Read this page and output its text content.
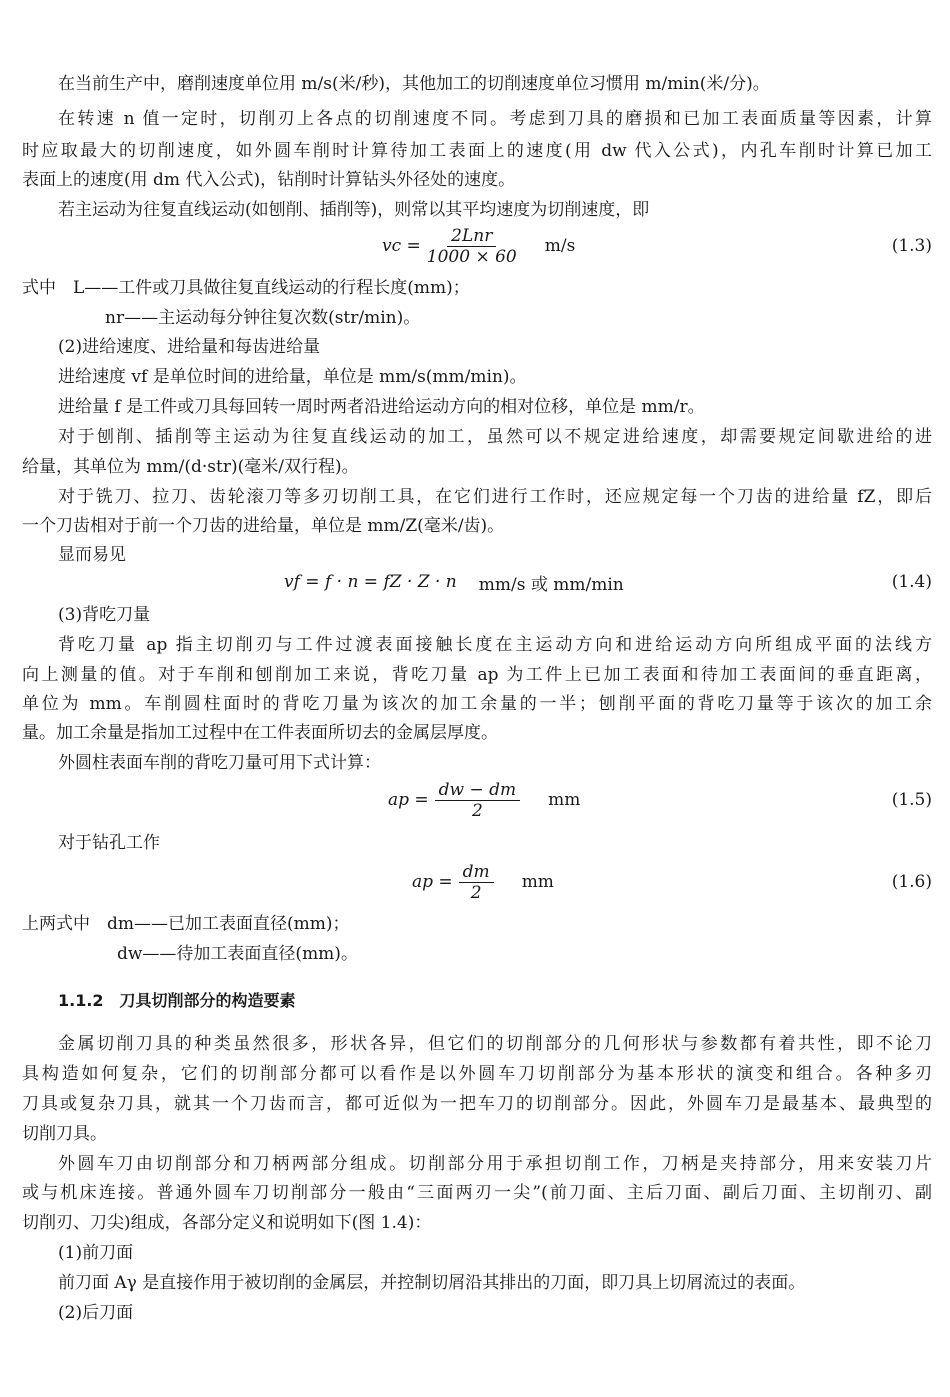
在当前生产中，磨削速度单位用 m/s(米/秒)，其他加工的切削速度单位习惯用 m/min(米/分)。
在转速 n 值一定时，切削刃上各点的切削速度不同。考虑到刀具的磨损和已加工表面质量等因素，计算
时应取最大的切削速度，如外圆车削时计算待加工表面上的速度(用 dw 代入公式)，内孔车削时计算已加工
表面上的速度(用 dm 代入公式)，钻削时计算钻头外径处的速度。
若主运动为往复直线运动(如刨削、插削等)，则常以其平均速度为切削速度，即
vc = $\frac{\text{2Lnr}}{1000 \times 60} m/s$	(1.3)
式中　L——工件或刀具做往复直线运动的行程长度(mm)；
nr——主运动每分钟往复次数(str/min)。
(2)进给速度、进给量和每齿进给量
进给速度 vf 是单位时间的进给量，单位是 mm/s(mm/min)。
进给量 f 是工件或刀具每回转一周时两者沿进给运动方向的相对位移，单位是 mm/r。
对于刨削、插削等主运动为往复直线运动的加工，虽然可以不规定进给速度，却需要规定间歇进给的进
给量，其单位为 mm/(d·str)(毫米/双行程)。
对于铣刀、拉刀、齿轮滚刀等多刃切削工具，在它们进行工作时，还应规定每一个刀齿的进给量 fZ，即后
一个刀齿相对于前一个刀齿的进给量，单位是 mm/Z(毫米/齿)。
显而易见
vf = f · n = fZ · Z · n mm/s 或 mm/min	(1.4)
(3)背吃刀量
背吃刀量 ap 指主切削刃与工件过渡表面接触长度在主运动方向和进给运动方向所组成平面的法线方
向上测量的值。对于车削和刨削加工来说，背吃刀量 ap 为工件上已加工表面和待加工表面间的垂直距离，
单位为 mm。车削圆柱面时的背吃刀量为该次的加工余量的一半；刨削平面的背吃刀量等于该次的加工余
量。加工余量是指加工过程中在工件表面所切去的金属层厚度。
外圆柱表面车削的背吃刀量可用下式计算：
ap = $\frac{dw - dm}{2}$ mm	(1.5)
对于钻孔工作
ap = $\frac{dm}{2}$ mm	(1.6)
上两式中　dm——已加工表面直径(mm)；
dw——待加工表面直径(mm)。
1.1.2　刀具切削部分的构造要素
金属切削刀具的种类虽然很多，形状各异，但它们的切削部分的几何形状与参数都有着共性，即不论刀
具构造如何复杂，它们的切削部分都可以看作是以外圆车刀切削部分为基本形状的演变和组合。各种多刃
刀具或复杂刀具，就其一个刀齿而言，都可近似为一把车刀的切削部分。因此，外圆车刀是最基本、最典型的
切削刀具。
外圆车刀由切削部分和刀柄两部分组成。切削部分用于承担切削工作，刀柄是夹持部分，用来安装刀片
或与机床连接。普通外圆车刀切削部分一般由“三面两刃一尖”(前刀面、主后刀面、副后刀面、主切削刃、副
切削刃、刀尖)组成，各部分定义和说明如下(图 1.4)：
(1)前刀面
前刀面 Aγ 是直接作用于被切削的金属层，并控制切屑沿其排出的刀面，即刀具上切屑流过的表面。
(2)后刀面
